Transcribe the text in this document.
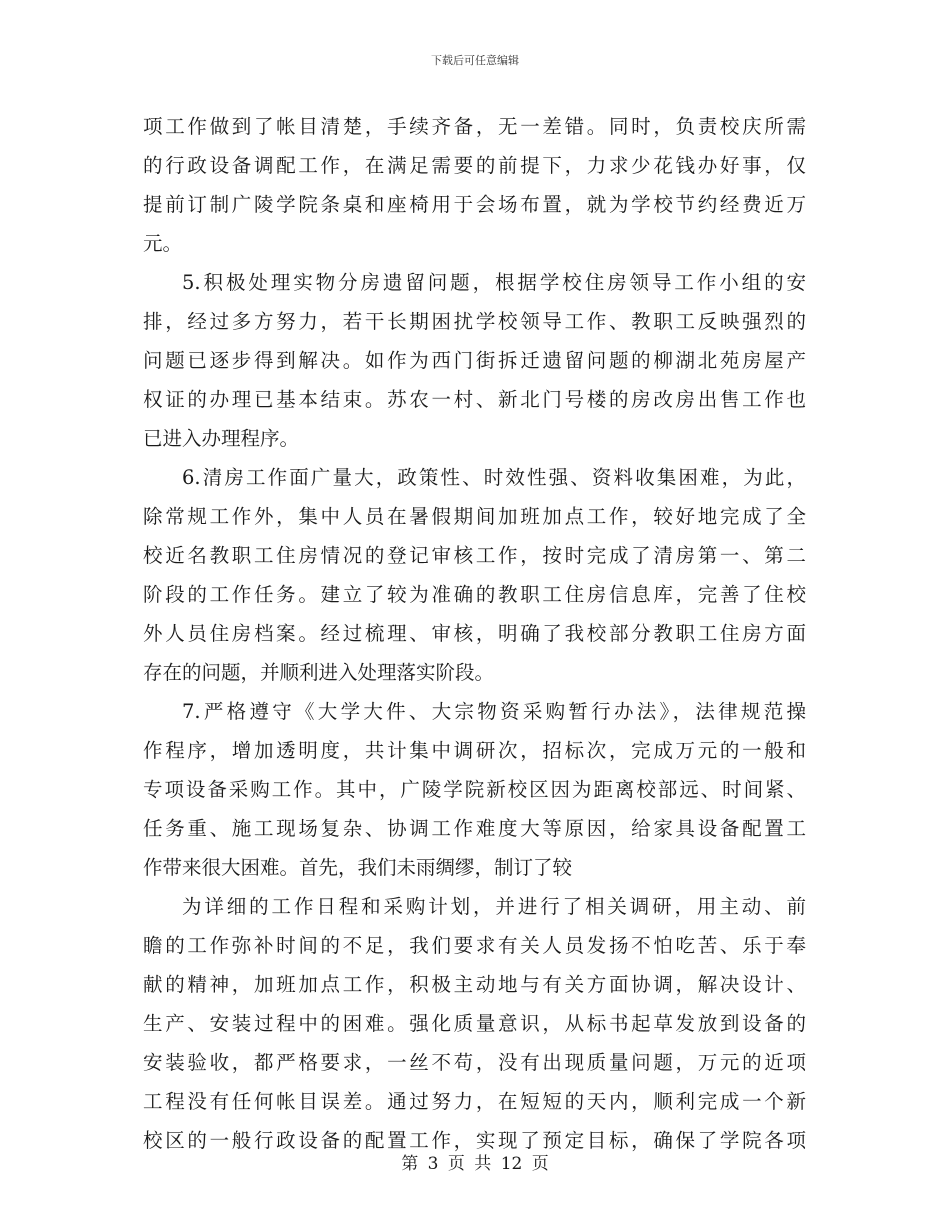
下载后可任意编辑
项工作做到了帐目清楚，手续齐备，无一差错。同时，负责校庆所需
的行政设备调配工作，在满足需要的前提下，力求少花钱办好事，仅
提前订制广陵学院条桌和座椅用于会场布置，就为学校节约经费近万
元。
5.积极处理实物分房遗留问题，根据学校住房领导工作小组的安
排，经过多方努力，若干长期困扰学校领导工作、教职工反映强烈的
问题已逐步得到解决。如作为西门街拆迁遗留问题的柳湖北苑房屋产
权证的办理已基本结束。苏农一村、新北门号楼的房改房出售工作也
已进入办理程序。
6.清房工作面广量大，政策性、时效性强、资料收集困难，为此，
除常规工作外，集中人员在暑假期间加班加点工作，较好地完成了全
校近名教职工住房情况的登记审核工作，按时完成了清房第一、第二
阶段的工作任务。建立了较为准确的教职工住房信息库，完善了住校
外人员住房档案。经过梳理、审核，明确了我校部分教职工住房方面
存在的问题，并顺利进入处理落实阶段。
7.严格遵守《大学大件、大宗物资采购暂行办法》，法律规范操
作程序，增加透明度，共计集中调研次，招标次，完成万元的一般和
专项设备采购工作。其中，广陵学院新校区因为距离校部远、时间紧、
任务重、施工现场复杂、协调工作难度大等原因，给家具设备配置工
作带来很大困难。首先，我们未雨绸缪，制订了较
为详细的工作日程和采购计划，并进行了相关调研，用主动、前
瞻的工作弥补时间的不足，我们要求有关人员发扬不怕吃苦、乐于奉
献的精神，加班加点工作，积极主动地与有关方面协调，解决设计、
生产、安装过程中的困难。强化质量意识，从标书起草发放到设备的
安装验收，都严格要求，一丝不苟，没有出现质量问题，万元的近项
工程没有任何帐目误差。通过努力，在短短的天内，顺利完成一个新
校区的一般行政设备的配置工作，实现了预定目标，确保了学院各项
第 3 页 共 12 页
